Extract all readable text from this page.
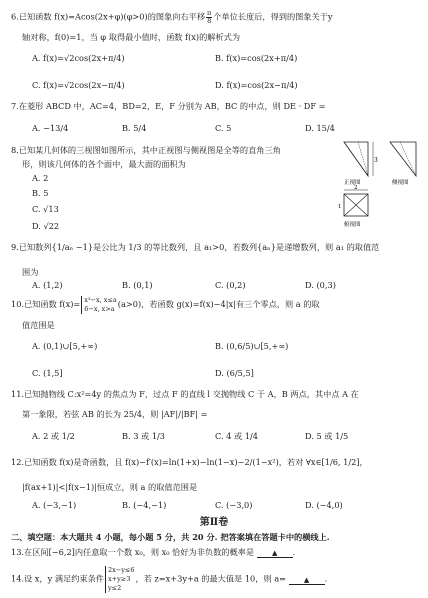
6.已知函数 f(x)=Acos(2x+φ)(φ>0)的图象向右平移 $\frac{\pi}{8}$ 个单位长度后，得到的图象关于y
轴对称，f(0)=1，当 φ 取得最小值时，函数 f(x)的解析式为
A. f(x)=√2cos(2x+π/4)	B. f(x)=cos(2x+π/4)
C. f(x)=√2cos(2x−π/4)	D. f(x)=cos(2x−π/4)
7.在菱形 ABCD 中，AC=4，BD=2，E，F 分别为 AB，BC 的中点，则 DE · DF =
A. −13/4	B. 5/4	C. 5	D. 15/4
8.已知某几何体的三视图如图所示，其中正视图与侧视图是全等的直角三角
形，则该几何体的各个面中，最大面的面积为
A. 2
B. 5
C. √13
D. √22
3
正视图	侧视图
2
1
俯视图
9.已知数列{1/aₙ −1}是公比为 1/3 的等比数列，且 a₁>0，若数列{aₙ}是递增数列，则 a₁ 的取值范
围为
A. (1,2)	B. (0,1)	C. (0,2)	D. (0,3)
10.已知函数 f(x)= x³−x, x≤a
6−x, x>a (a>0)，若函数 g(x)=f(x)−4|x|有三个零点，则 a 的取
值范围是
A. (0,1)∪[5,+∞)	B. (0,6/5)∪[5,+∞)
C. (1,5]	D. (6/5,5]
11.已知抛物线 C:x²=4y 的焦点为 F，过点 F 的直线 l 交抛物线 C 于 A，B 两点，其中点 A 在
第一象限，若弦 AB 的长为 25/4，则 |AF|/|BF| =
A. 2 或 1/2	B. 3 或 1/3	C. 4 或 1/4	D. 5 或 1/5
12.已知函数 f(x)是奇函数，且 f(x)−f′(x)=ln(1+x)−ln(1−x)−2/(1−x²)，若对 ∀x∈[1/6, 1/2]，
|f(ax+1)|<|f(x−1)|恒成立，则 a 的取值范围是
A. (−3,−1)	B. (−4,−1)	C. (−3,0)	D. (−4,0)
第Ⅱ卷
二、填空题：本大题共 4 小题，每小题 5 分，共 20 分. 把答案填在答题卡中的横线上.
13.在区间[−6,2]内任意取一个数 x₀，则 x₀ 恰好为非负数的概率是	▲ .
14.设 x，y 满足约束条件
2x−y≤6
x+y≥3
y≤2
，若 z=x+3y+a 的最大值是 10，则 a=	▲ .
